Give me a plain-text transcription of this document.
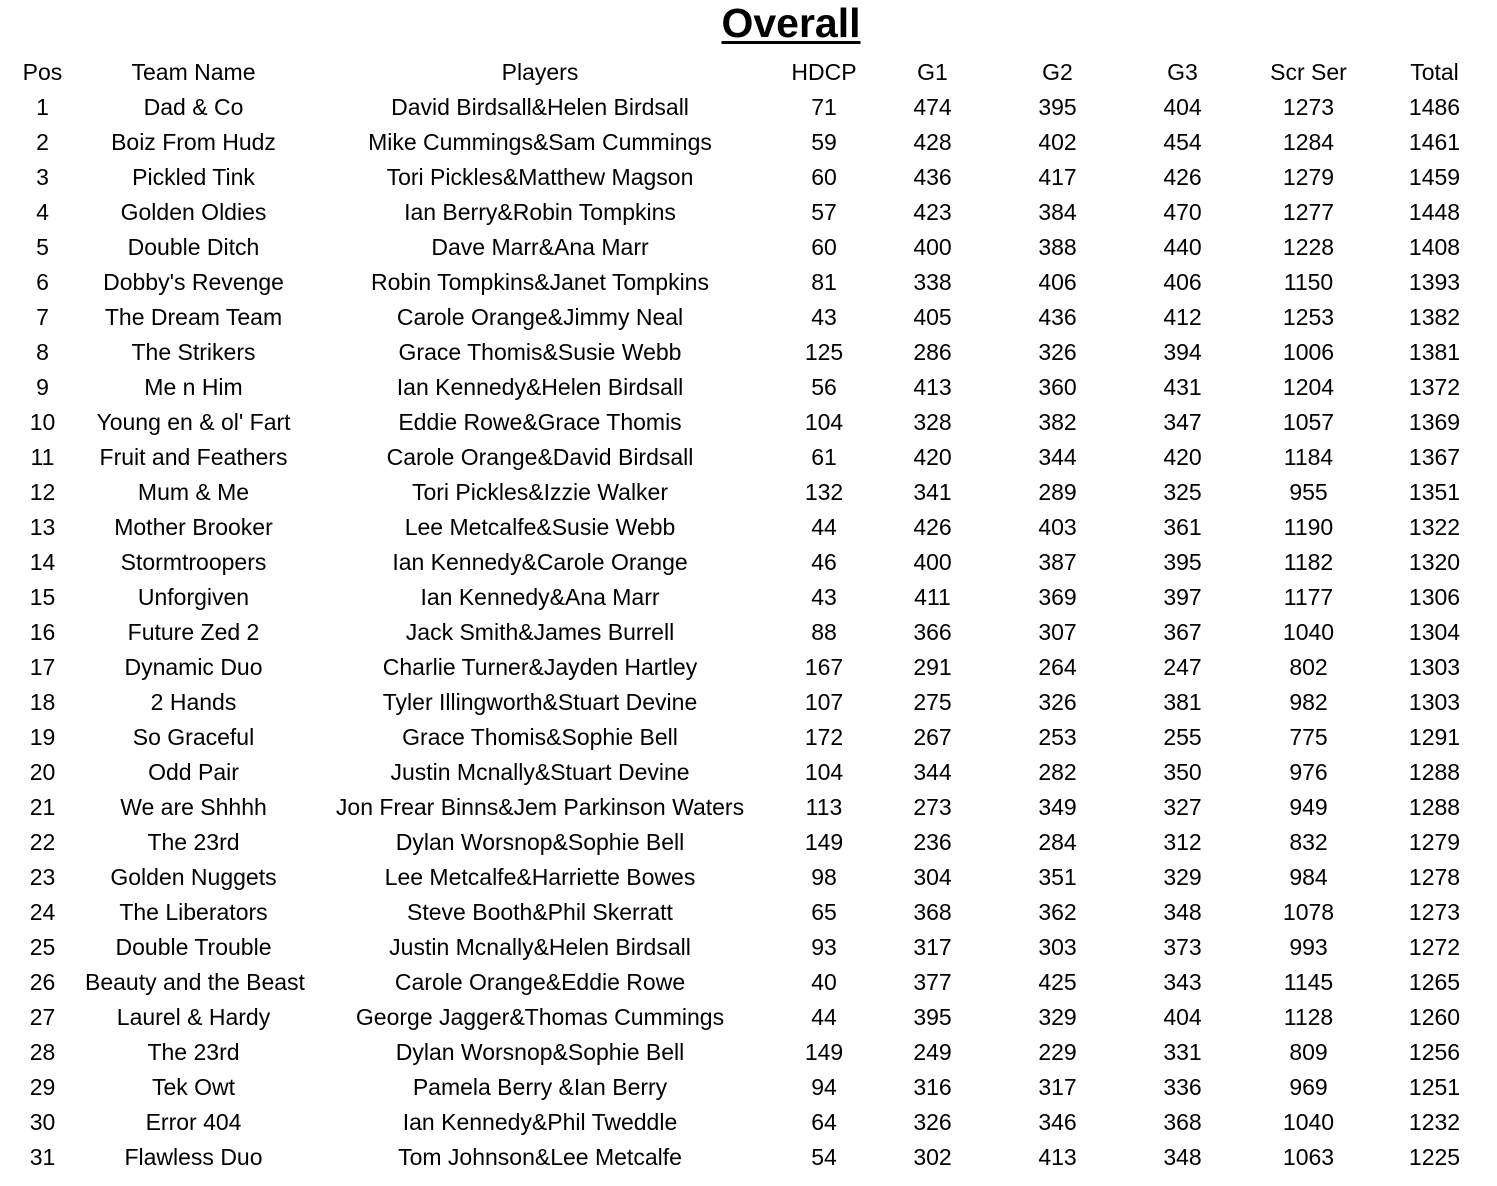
Overall
Pos	Team Name	Players	HDCP	G1	G2	G3	Scr Ser	Total
1	Dad & Co	David Birdsall&Helen Birdsall	71	474	395	404	1273	1486
2	Boiz From Hudz	Mike Cummings&Sam Cummings	59	428	402	454	1284	1461
3	Pickled Tink	Tori Pickles&Matthew Magson	60	436	417	426	1279	1459
4	Golden Oldies	Ian Berry&Robin Tompkins	57	423	384	470	1277	1448
5	Double Ditch	Dave Marr&Ana Marr	60	400	388	440	1228	1408
6	Dobby's Revenge	Robin Tompkins&Janet Tompkins	81	338	406	406	1150	1393
7	The Dream Team	Carole Orange&Jimmy Neal	43	405	436	412	1253	1382
8	The Strikers	Grace Thomis&Susie Webb	125	286	326	394	1006	1381
9	Me n Him	Ian Kennedy&Helen Birdsall	56	413	360	431	1204	1372
10	Young en & ol' Fart	Eddie Rowe&Grace Thomis	104	328	382	347	1057	1369
11	Fruit and Feathers	Carole Orange&David Birdsall	61	420	344	420	1184	1367
12	Mum & Me	Tori Pickles&Izzie Walker	132	341	289	325	955	1351
13	Mother Brooker	Lee Metcalfe&Susie Webb	44	426	403	361	1190	1322
14	Stormtroopers	Ian Kennedy&Carole Orange	46	400	387	395	1182	1320
15	Unforgiven	Ian Kennedy&Ana Marr	43	411	369	397	1177	1306
16	Future Zed 2	Jack Smith&James Burrell	88	366	307	367	1040	1304
17	Dynamic Duo	Charlie Turner&Jayden Hartley	167	291	264	247	802	1303
18	2 Hands	Tyler Illingworth&Stuart Devine	107	275	326	381	982	1303
19	So Graceful	Grace Thomis&Sophie Bell	172	267	253	255	775	1291
20	Odd Pair	Justin Mcnally&Stuart Devine	104	344	282	350	976	1288
21	We are Shhhh	Jon Frear Binns&Jem Parkinson Waters	113	273	349	327	949	1288
22	The 23rd	Dylan Worsnop&Sophie Bell	149	236	284	312	832	1279
23	Golden Nuggets	Lee Metcalfe&Harriette Bowes	98	304	351	329	984	1278
24	The Liberators	Steve Booth&Phil Skerratt	65	368	362	348	1078	1273
25	Double Trouble	Justin Mcnally&Helen Birdsall	93	317	303	373	993	1272
26	Beauty and the Beast	Carole Orange&Eddie Rowe	40	377	425	343	1145	1265
27	Laurel & Hardy	George Jagger&Thomas Cummings	44	395	329	404	1128	1260
28	The 23rd	Dylan Worsnop&Sophie Bell	149	249	229	331	809	1256
29	Tek Owt	Pamela Berry &Ian Berry	94	316	317	336	969	1251
30	Error 404	Ian Kennedy&Phil Tweddle	64	326	346	368	1040	1232
31	Flawless Duo	Tom Johnson&Lee Metcalfe	54	302	413	348	1063	1225
